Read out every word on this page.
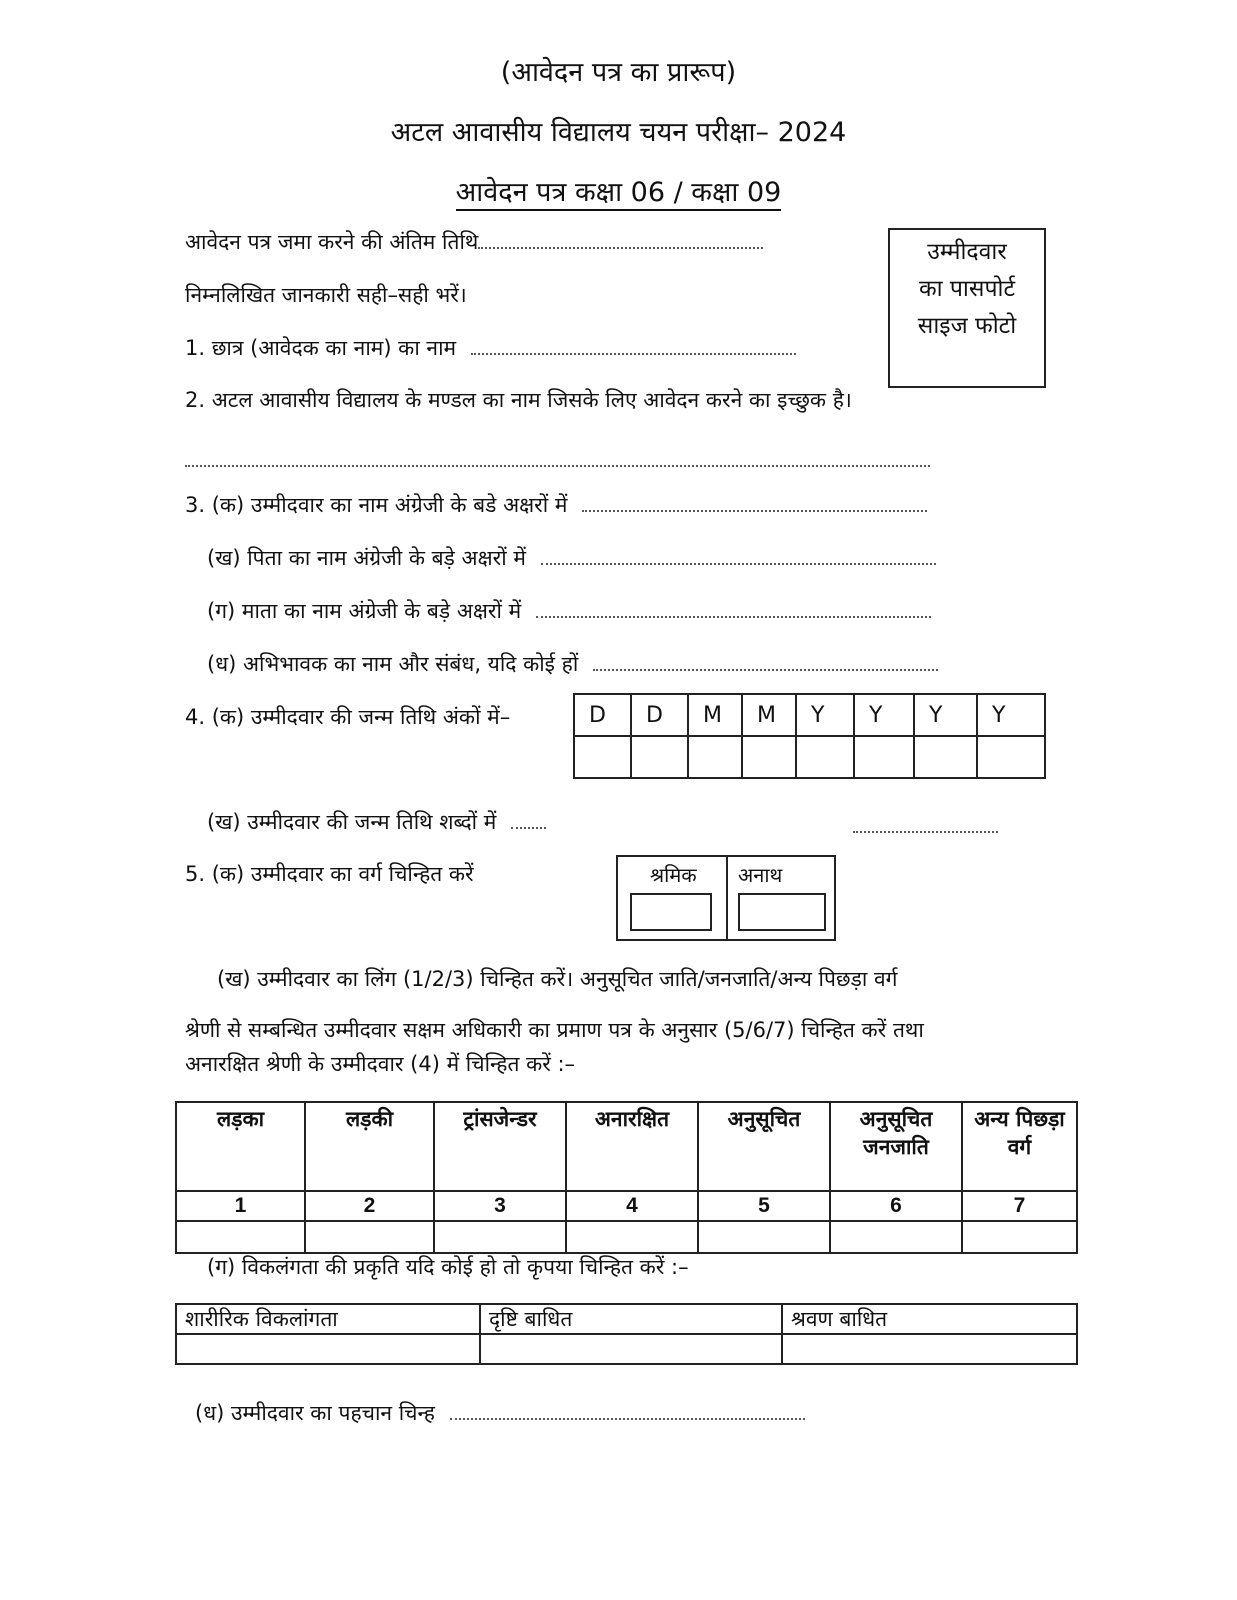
(आवेदन पत्र का प्रारूप)
अटल आवासीय विद्यालय चयन परीक्षा– 2024
आवेदन पत्र कक्षा 06 / कक्षा 09
उम्मीदवार
का पासपोर्ट
साइज फोटो
आवेदन पत्र जमा करने की अंतिम तिथि
निम्नलिखित जानकारी सही–सही भरें।
1. छात्र (आवेदक का नाम) का नाम
2. अटल आवासीय विद्यालय के मण्डल का नाम जिसके लिए आवेदन करने का इच्छुक है।
3. (क) उम्मीदवार का नाम अंग्रेजी के बडे अक्षरों में
(ख) पिता का नाम अंग्रेजी के बड़े अक्षरों में
(ग) माता का नाम अंग्रेजी के बड़े अक्षरों में
(ध) अभिभावक का नाम और संबंध, यदि कोई हों
4. (क) उम्मीदवार की जन्म तिथि अंकों में–	D	D	M	M	Y	Y	Y	Y

(ख) उम्मीदवार की जन्म तिथि शब्दों में
5. (क) उम्मीदवार का वर्ग चिन्हित करें	श्रमिक अनाथ
(ख) उम्मीदवार का लिंग (1/2/3) चिन्हित करें। अनुसूचित जाति/जनजाति/अन्य पिछड़ा वर्ग
श्रेणी से सम्बन्धित उम्मीदवार सक्षम अधिकारी का प्रमाण पत्र के अनुसार (5/6/7) चिन्हित करें तथा
अनारक्षित श्रेणी के उम्मीदवार (4) में चिन्हित करें :–
लड़का	लड़की	ट्रांसजेन्डर	अनारक्षित	अनुसूचित	अनुसूचित जनजाति	अन्य पिछड़ा वर्ग
1	2	3	4	5	6	7

(ग) विकलंगता की प्रकृति यदि कोई हो तो कृपया चिन्हित करें :–
शारीरिक विकलांगता	दृष्टि बाधित	श्रवण बाधित

(ध) उम्मीदवार का पहचान चिन्ह
